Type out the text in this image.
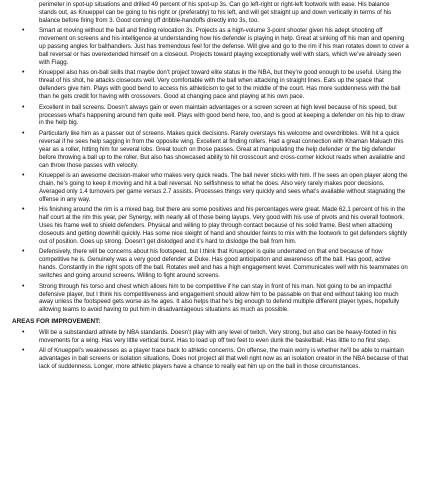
perimeter in spot-up situations and drilled 49 percent of his spot-up 3s. Can go left-right or right-left footwork with ease. His balance stands out, as Knueppel can be going to his right or (preferably) to his left, and will get straight up and down vertically in terms of his balance before firing from 3. Good coming off dribble-handoffs directly into 3s, too.
• Smart at moving without the ball and finding relocation 3s. Projects as a high-volume 3-point shooter given his adept shooting off movement on screens and his intelligence at understanding how his defender is playing in help. Great at sinking off his man and opening up passing angles for ballhandlers. Just has tremendous feel for the defense. Will give and go to the rim if his man rotates down to cover a ball reversal or has overextended himself on a closeout. Projects toward playing exceptionally well with stars, which we’ve already seen with Flagg.
• Knueppel also has on-ball skills that maybe don’t project toward elite status in the NBA, but they’re good enough to be useful. Using the threat of his shot, he attacks closeouts well. Very comfortable with the ball when attacking in straight lines. Eats up the space that defenders give him. Plays with good bend to access his athleticism to get to the middle of the court. Has more suddenness with the ball than he gets credit for having with crossovers. Good at changing pace and playing at his own pace.
• Excellent in ball screens. Doesn’t always gain or even maintain advantages or a screen screen at high level because of his speed, but processes what’s happening around him quite well. Plays with good bend here, too, and is good at keeping a defender on his hip to draw in the help big.
• Particularly like him as a passer out of screens. Makes quick decisions. Rarely overstays his welcome and overdribbles. Will hit a quick reversal if he sees help sagging in from the opposite wing. Excellent at finding rollers. Had a great connection with Khaman Maluach this year as a roller, hitting him for several lobs. Great touch on those passes. Great at manipulating the help defender or the big defender before throwing a ball up to the roller. But also has showcased ability to hit crosscourt and cross-corner kickout reads when available and can throw those passes with velocity.
• Knueppel is an awesome decision-maker who makes very quick reads. The ball never sticks with him. If he sees an open player along the chain, he’s going to keep it moving and hit a ball reversal. No selfishness to what he does. Also very rarely makes poor decisions. Averaged only 1.4 turnovers per game versus 2.7 assists. Processes things very quickly and sees what’s available without stagnating the offense in any way.
• His finishing around the rim is a mixed bag, but there are some positives and his percentages were great. Made 62.1 percent of his in the half court at the rim this year, per Synergy, with nearly all of those being layups. Very good with his use of pivots and his overall footwork. Uses his frame well to shield defenders. Physical and willing to play through contact because of his solid frame. Best when attacking closeouts and getting downhill quickly. Has some nice sleight of hand and shoulder feints to mix with the footwork to get defenders slightly out of position. Goes up strong. Doesn’t get dislodged and it’s hard to dislodge the ball from him.
• Defensively, there will be concerns about his footspeed, but I think that Knueppel is quite underrated on that end because of how competitive he is. Genuinely was a very good defender at Duke. Has good anticipation and awareness off the ball. Has good, active hands. Constantly in the right spots off the ball. Rotates well and has a high engagement level. Communicates well with his teammates on switches and going around screens. Willing to fight around screens.
• Strong through his torso and chest which allows him to be competitive if he can stay in front of his man. Not going to be an impactful defensive player, but I think his competitiveness and engagement should allow him to be passable on that end without taking too much away unless the footspeed gets worse as he ages. It also helps that he’s big enough to defend multiple different player types, hopefully allowing teams to avoid having to put him in disadvantageous situations as much as possible.
AREAS FOR IMPROVEMENT:
• Will be a substandard athlete by NBA standards. Doesn’t play with any level of twitch. Very strong, but also can be heavy-footed in his movements for a wing. Has very little vertical burst. Has to load up off two feet to even dunk the basketball. Has little to no first step.
• All of Knueppel’s weaknesses as a player trace back to athletic concerns. On offense, the main worry is whether he’ll be able to maintain advantages in ball screens or isolation situations. Does not project all that well right now as an isolation creator in the NBA because of that lack of suddenness. Longer, more athletic players have a chance to really eat him up on the ball in those circumstances.
